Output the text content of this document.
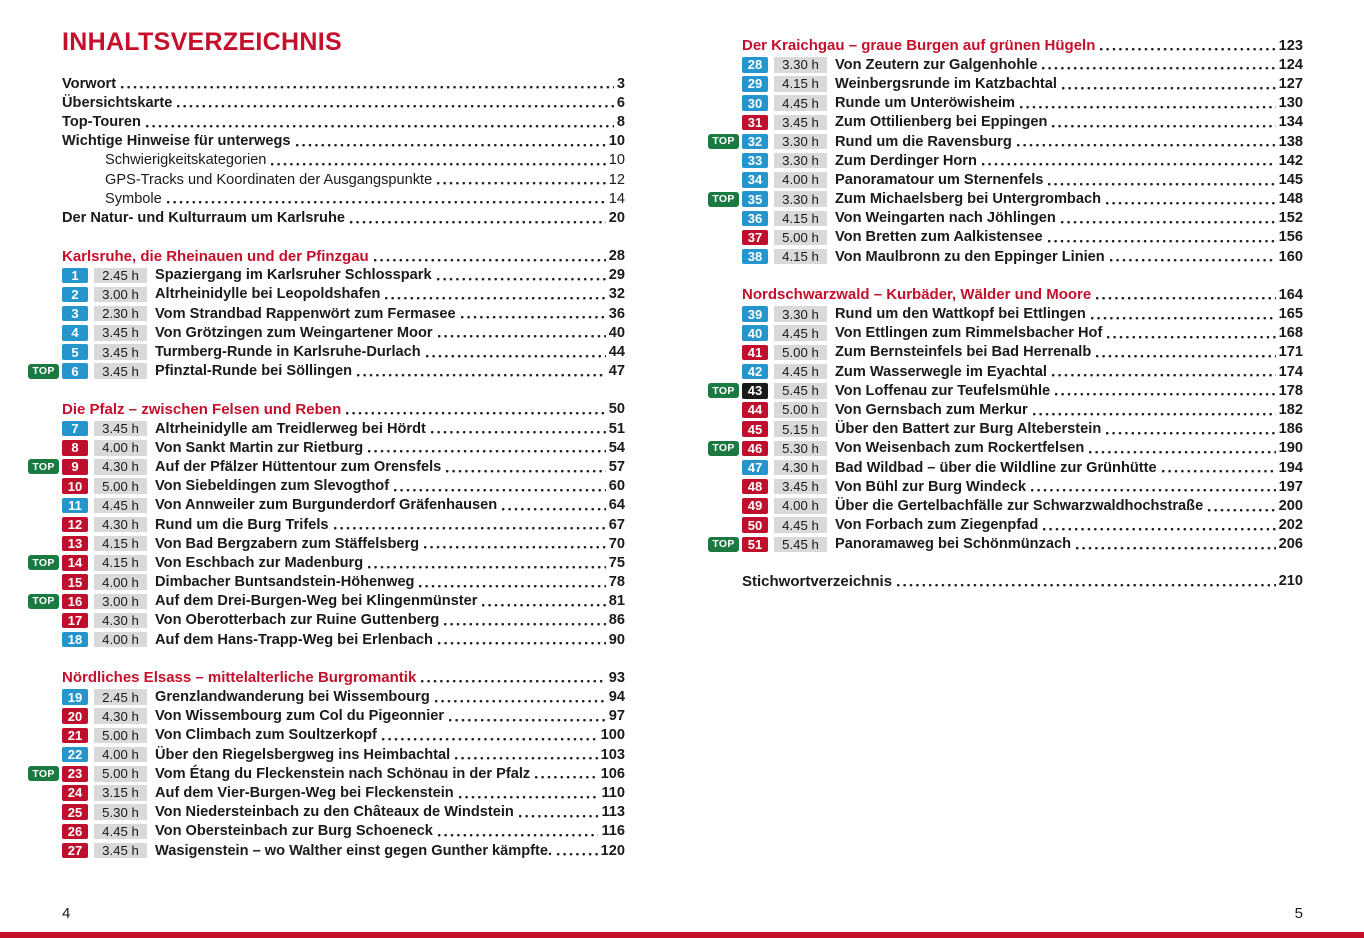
INHALTSVERZEICHNIS
Vorwort	3
Übersichtskarte	6
Top-Touren	8
Wichtige Hinweise für unterwegs	10
Schwierigkeitskategorien	10
GPS-Tracks und Koordinaten der Ausgangspunkte	12
Symbole	14
Der Natur- und Kulturraum um Karlsruhe	20
Karlsruhe, die Rheinauen und der Pfinzgau	28
1	2.45 h	Spaziergang im Karlsruher Schlosspark	29
2	3.00 h	Altrheinidylle bei Leopoldshafen	32
3	2.30 h	Vom Strandbad Rappenwört zum Fermasee	36
4	3.45 h	Von Grötzingen zum Weingartener Moor	40
5	3.45 h	Turmberg-Runde in Karlsruhe-Durlach	44
TOP	6	3.45 h	Pfinztal-Runde bei Söllingen	47
Die Pfalz – zwischen Felsen und Reben	50
7	3.45 h	Altrheinidylle am Treidlerweg bei Hördt	51
8	4.00 h	Von Sankt Martin zur Rietburg	54
TOP	9	4.30 h	Auf der Pfälzer Hüttentour zum Orensfels	57
10	5.00 h	Von Siebeldingen zum Slevogthof	60
11	4.45 h	Von Annweiler zum Burgunderdorf Gräfenhausen	64
12	4.30 h	Rund um die Burg Trifels	67
13	4.15 h	Von Bad Bergzabern zum Stäffelsberg	70
TOP	14	4.15 h	Von Eschbach zur Madenburg	75
15	4.00 h	Dimbacher Buntsandstein-Höhenweg	78
TOP	16	3.00 h	Auf dem Drei-Burgen-Weg bei Klingenmünster	81
17	4.30 h	Von Oberotterbach zur Ruine Guttenberg	86
18	4.00 h	Auf dem Hans-Trapp-Weg bei Erlenbach	90
Nördliches Elsass – mittelalterliche Burgromantik	93
19	2.45 h	Grenzlandwanderung bei Wissembourg	94
20	4.30 h	Von Wissembourg zum Col du Pigeonnier	97
21	5.00 h	Von Climbach zum Soultzerkopf	100
22	4.00 h	Über den Riegelsbergweg ins Heimbachtal	103
TOP	23	5.00 h	Vom Étang du Fleckenstein nach Schönau in der Pfalz	106
24	3.15 h	Auf dem Vier-Burgen-Weg bei Fleckenstein	110
25	5.30 h	Von Niedersteinbach zu den Châteaux de Windstein	113
26	4.45 h	Von Obersteinbach zur Burg Schoeneck	116
27	3.45 h	Wasigenstein – wo Walther einst gegen Gunther kämpfte.	120
Der Kraichgau – graue Burgen auf grünen Hügeln	123
28	3.30 h	Von Zeutern zur Galgenhohle	124
29	4.15 h	Weinbergsrunde im Katzbachtal	127
30	4.45 h	Runde um Unteröwisheim	130
31	3.45 h	Zum Ottilienberg bei Eppingen	134
TOP	32	3.30 h	Rund um die Ravensburg	138
33	3.30 h	Zum Derdinger Horn	142
34	4.00 h	Panoramatour um Sternenfels	145
TOP	35	3.30 h	Zum Michaelsberg bei Untergrombach	148
36	4.15 h	Von Weingarten nach Jöhlingen	152
37	5.00 h	Von Bretten zum Aalkistensee	156
38	4.15 h	Von Maulbronn zu den Eppinger Linien	160
Nordschwarzwald – Kurbäder, Wälder und Moore	164
39	3.30 h	Rund um den Wattkopf bei Ettlingen	165
40	4.45 h	Von Ettlingen zum Rimmelsbacher Hof	168
41	5.00 h	Zum Bernsteinfels bei Bad Herrenalb	171
42	4.45 h	Zum Wasserwegle im Eyachtal	174
TOP	43	5.45 h	Von Loffenau zur Teufelsmühle	178
44	5.00 h	Von Gernsbach zum Merkur	182
45	5.15 h	Über den Battert zur Burg Alteberstein	186
TOP	46	5.30 h	Von Weisenbach zum Rockertfelsen	190
47	4.30 h	Bad Wildbad – über die Wildline zur Grünhütte	194
48	3.45 h	Von Bühl zur Burg Windeck	197
49	4.00 h	Über die Gertelbachfälle zur Schwarzwaldhochstraße	200
50	4.45 h	Von Forbach zum Ziegenpfad	202
TOP	51	5.45 h	Panoramaweg bei Schönmünzach	206
Stichwortverzeichnis	210
4	5
